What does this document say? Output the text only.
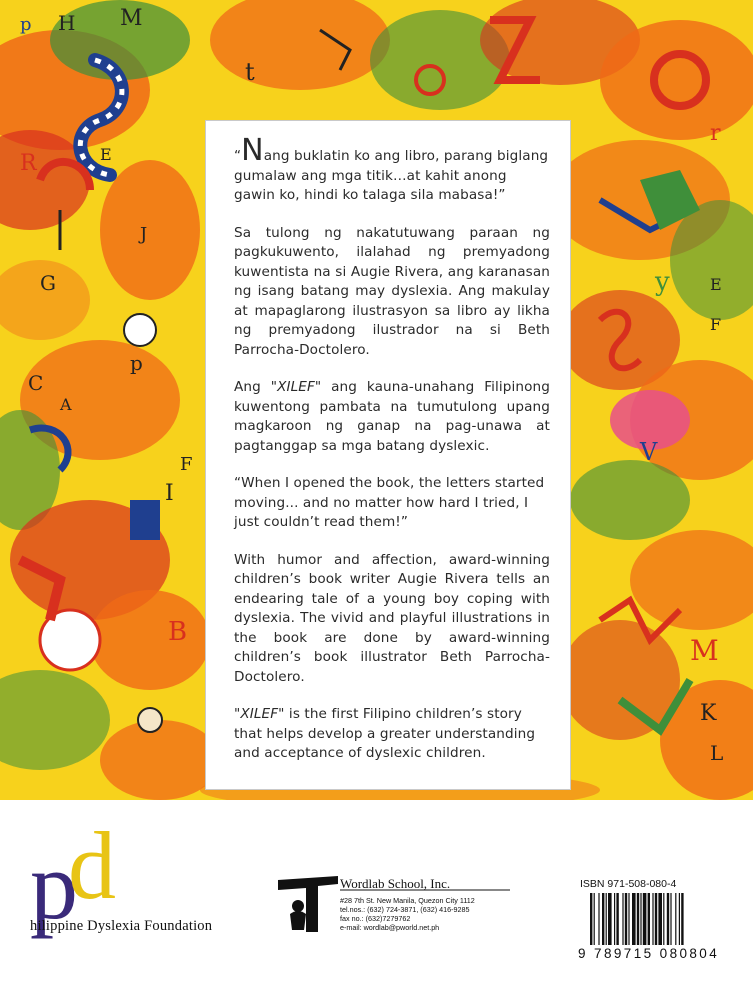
M
p H
t
R
G
E
I
F
A
B
J
C
y	E
F
V
M
K
L
r
p

“Nang buklatin ko ang libro, parang biglang gumalaw ang mga titik…at kahit anong gawin ko, hindi ko talaga sila mabasa!”

Sa tulong ng nakatutuwang paraan ng pagkukuwento, ilalahad ng premyadong kuwentista na si Augie Rivera, ang karanasan ng isang batang may dyslexia. Ang makulay at mapaglarong ilustrasyon sa libro ay likha ng premyadong ilustrador na si Beth Parrocha-Doctolero.

Ang "XILEF" ang kauna-unahang Filipinong kuwentong pambata na tumutulong upang magkaroon ng ganap na pag-unawa at pagtanggap sa mga batang dyslexic.

“When I opened the book, the letters started moving... and no matter how hard I tried, I just couldn’t read them!”

With humor and affection, award-winning children’s book writer Augie Rivera tells an endearing tale of a young boy coping with dyslexia. The vivid and playful illustrations in the book are done by award-winning children’s book illustrator Beth Parrocha-Doctolero.

"XILEF" is the first Filipino children’s story that helps develop a greater understanding and acceptance of dyslexic children.

p
d
hilippine Dyslexia Foundation
Wordlab School, Inc.
#28 7th St. New Manila, Quezon City 1112
tel.nos.: (632) 724-3871, (632) 416-9285
fax no.: (632)7279762
e-mail: wordlab@pworld.net.ph
ISBN 971-508-080-4
9 789715 080804
